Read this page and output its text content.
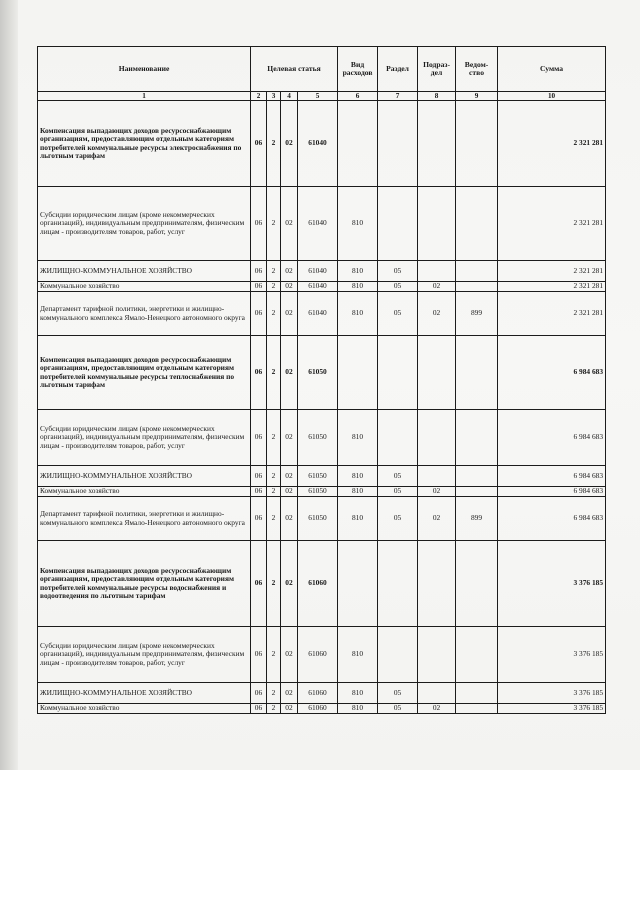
Наименование	Целевая статья				Вид расходов	Раздел	Подраз-дел	Ведом-ство	Сумма
1	2	3	4	5	6	7	8	9	10
Компенсация выпадающих доходов ресурсоснабжающим организациям, предоставляющим отдельным категориям потребителей коммунальные ресурсы электроснабжения по льготным тарифам	06	2	02	61040					2 321 281
Субсидии юридическим лицам (кроме некоммерческих организаций), индивидуальным предпринимателям, физическим лицам - производителям товаров, работ, услуг	06	2	02	61040	810				2 321 281
ЖИЛИЩНО-КОММУНАЛЬНОЕ ХОЗЯЙСТВО	06	2	02	61040	810	05			2 321 281
Коммунальное хозяйство	06	2	02	61040	810	05	02		2 321 281
Департамент тарифной политики, энергетики и жилищно-коммунального комплекса Ямало-Ненецкого автономного округа	06	2	02	61040	810	05	02	899	2 321 281
Компенсация выпадающих доходов ресурсоснабжающим организациям, предоставляющим отдельным категориям потребителей коммунальные ресурсы теплоснабжения по льготным тарифам	06	2	02	61050					6 984 683
Субсидии юридическим лицам (кроме некоммерческих организаций), индивидуальным предпринимателям, физическим лицам - производителям товаров, работ, услуг	06	2	02	61050	810				6 984 683
ЖИЛИЩНО-КОММУНАЛЬНОЕ ХОЗЯЙСТВО	06	2	02	61050	810	05			6 984 683
Коммунальное хозяйство	06	2	02	61050	810	05	02		6 984 683
Департамент тарифной политики, энергетики и жилищно-коммунального комплекса Ямало-Ненецкого автономного округа	06	2	02	61050	810	05	02	899	6 984 683
Компенсация выпадающих доходов ресурсоснабжающим организациям, предоставляющим отдельным категориям потребителей коммунальные ресурсы водоснабжения и водоотведения по льготным тарифам	06	2	02	61060					3 376 185
Субсидии юридическим лицам (кроме некоммерческих организаций), индивидуальным предпринимателям, физическим лицам - производителям товаров, работ, услуг	06	2	02	61060	810				3 376 185
ЖИЛИЩНО-КОММУНАЛЬНОЕ ХОЗЯЙСТВО	06	2	02	61060	810	05			3 376 185
Коммунальное хозяйство	06	2	02	61060	810	05	02		3 376 185
